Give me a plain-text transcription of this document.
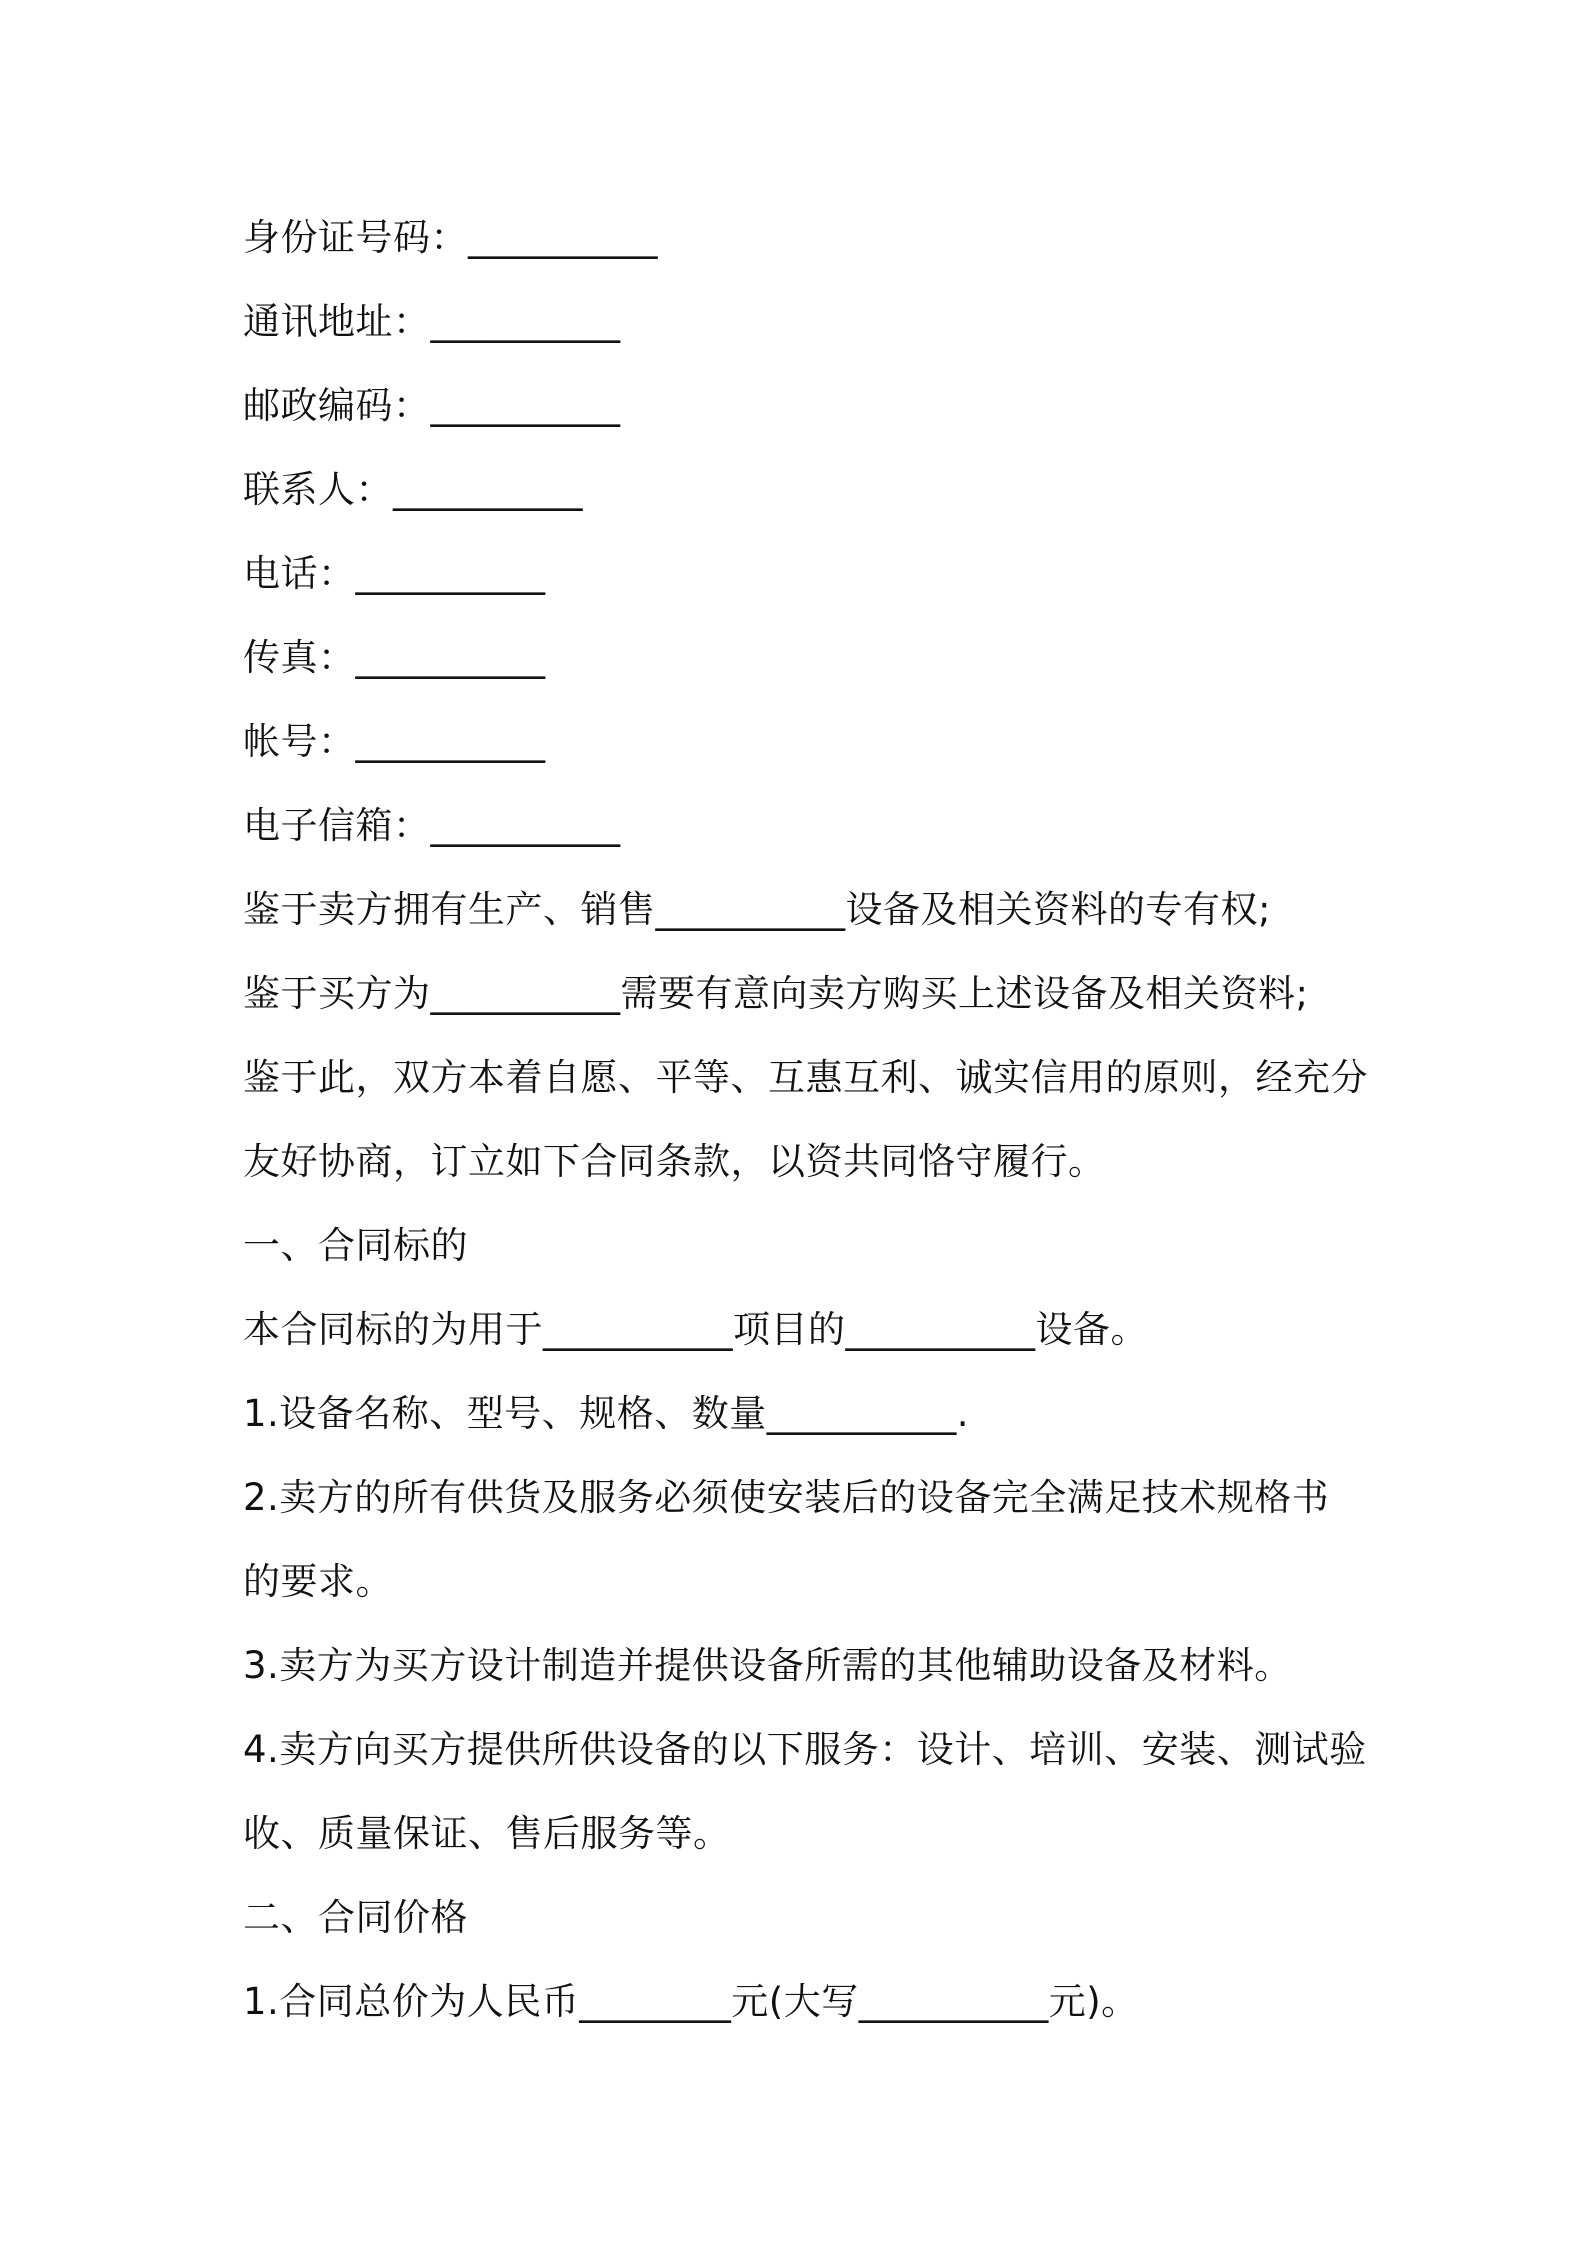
身份证号码：__________
通讯地址：__________
邮政编码：__________
联系人：__________
电话：__________
传真：__________
帐号：__________
电子信箱：__________
鉴于卖方拥有生产、销售__________设备及相关资料的专有权;
鉴于买方为__________需要有意向卖方购买上述设备及相关资料;
鉴于此，双方本着自愿、平等、互惠互利、诚实信用的原则，经充分
友好协商，订立如下合同条款，以资共同恪守履行。
一、合同标的
本合同标的为用于__________项目的__________设备。
1.设备名称、型号、规格、数量__________.
2.卖方的所有供货及服务必须使安装后的设备完全满足技术规格书
的要求。
3.卖方为买方设计制造并提供设备所需的其他辅助设备及材料。
4.卖方向买方提供所供设备的以下服务：设计、培训、安装、测试验
收、质量保证、售后服务等。
二、合同价格
1.合同总价为人民币________元(大写__________元)。
